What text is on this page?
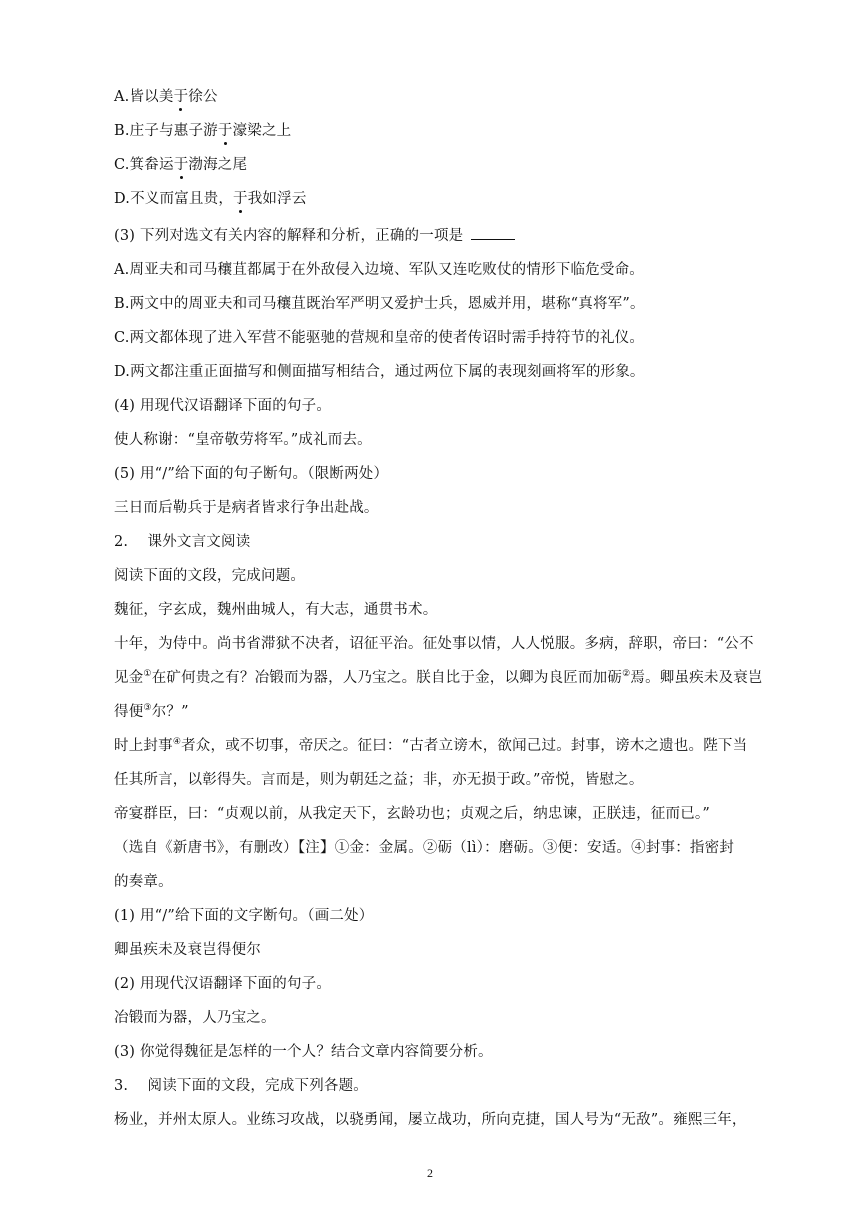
A.皆以美于徐公
B.庄子与惠子游于濠梁之上
C.箕畚运于渤海之尾
D.不义而富且贵，于我如浮云
(3) 下列对选文有关内容的解释和分析，正确的一项是
A.周亚夫和司马穰苴都属于在外敌侵入边境、军队又连吃败仗的情形下临危受命。
B.两文中的周亚夫和司马穰苴既治军严明又爱护士兵，恩威并用，堪称“真将军”。
C.两文都体现了进入军营不能驱驰的营规和皇帝的使者传诏时需手持符节的礼仪。
D.两文都注重正面描写和侧面描写相结合，通过两位下属的表现刻画将军的形象。
(4) 用现代汉语翻译下面的句子。
使人称谢：“皇帝敬劳将军。”成礼而去。
(5) 用“/”给下面的句子断句。（限断两处）
三日而后勒兵于是病者皆求行争出赴战。
2. 课外文言文阅读
阅读下面的文段，完成问题。
魏征，字玄成，魏州曲城人，有大志，通贯书术。
十年，为侍中。尚书省滞狱不决者，诏征平治。征处事以情，人人悦服。多病，辞职，帝曰：“公不
见金①在矿何贵之有？冶锻而为器，人乃宝之。朕自比于金，以卿为良匠而加砺②焉。卿虽疾未及衰岂
得便③尔？”
时上封事④者众，或不切事，帝厌之。征曰：“古者立谤木，欲闻己过。封事，谤木之遗也。陛下当
任其所言，以彰得失。言而是，则为朝廷之益；非，亦无损于政。”帝悦，皆慰之。
帝宴群臣，曰：“贞观以前，从我定天下，玄龄功也；贞观之后，纳忠谏，正朕违，征而已。”
（选自《新唐书》，有删改）【注】①金：金属。②砺（lì）：磨砺。③便：安适。④封事：指密封
的奏章。
(1) 用“/”给下面的文字断句。（画二处）
卿虽疾未及衰岂得便尔
(2) 用现代汉语翻译下面的句子。
冶锻而为器，人乃宝之。
(3) 你觉得魏征是怎样的一个人？结合文章内容简要分析。
3. 阅读下面的文段，完成下列各题。
杨业，并州太原人。业练习攻战，以骁勇闻，屡立战功，所向克捷，国人号为“无敌”。雍熙三年，
2
